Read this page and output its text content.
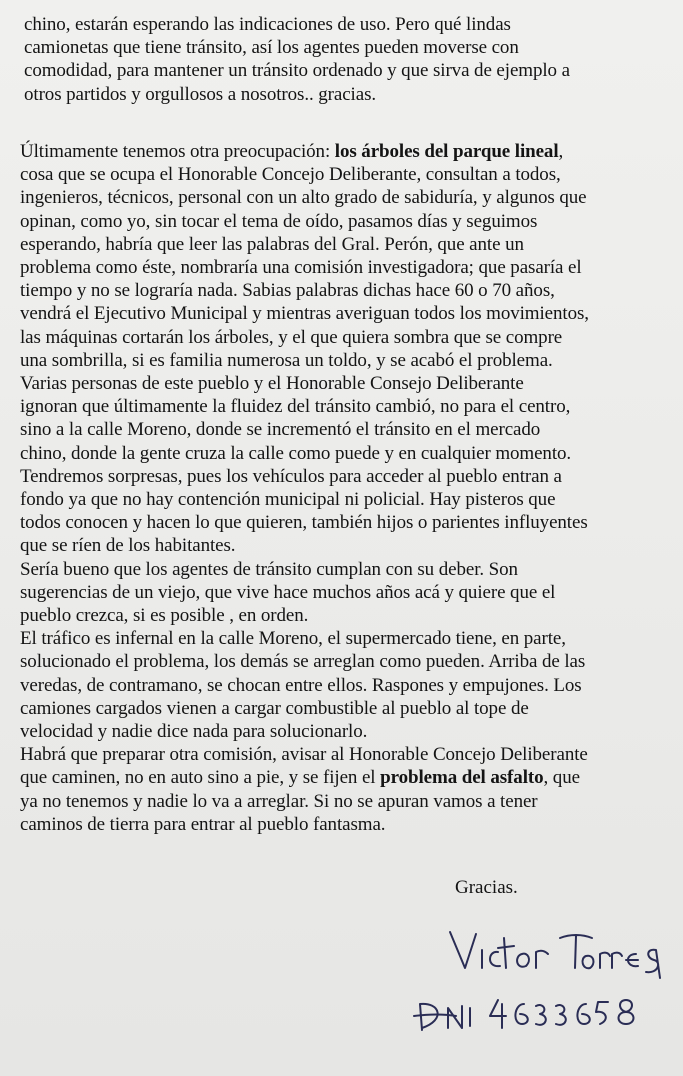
chino, estarán esperando las indicaciones de uso. Pero qué lindas
camionetas que tiene tránsito, así los agentes pueden moverse con
comodidad, para mantener un tránsito ordenado y que sirva de ejemplo a
otros partidos y orgullosos a nosotros.. gracias.
Últimamente tenemos otra preocupación: los árboles del parque lineal,
cosa que se ocupa el Honorable Concejo Deliberante, consultan a todos,
ingenieros, técnicos, personal con un alto grado de sabiduría, y algunos que
opinan, como yo, sin tocar el tema de oído, pasamos días y seguimos
esperando, habría que leer las palabras del Gral. Perón, que ante un
problema como éste, nombraría una comisión investigadora; que pasaría el
tiempo y no se lograría nada. Sabias palabras dichas hace 60 o 70 años,
vendrá el Ejecutivo Municipal y mientras averiguan todos los movimientos,
las máquinas cortarán los árboles, y el que quiera sombra que se compre
una sombrilla, si es familia numerosa un toldo, y se acabó el problema.
Varias personas de este pueblo y el Honorable Consejo Deliberante
ignoran que últimamente la fluidez del tránsito cambió, no para el centro,
sino a la calle Moreno, donde se incrementó el tránsito en el mercado
chino, donde la gente cruza la calle como puede y en cualquier momento.
Tendremos sorpresas, pues los vehículos para acceder al pueblo entran a
fondo ya que no hay contención municipal ni policial. Hay pisteros que
todos conocen y hacen lo que quieren, también hijos o parientes influyentes
que se ríen de los habitantes.
Sería bueno que los agentes de tránsito cumplan con su deber. Son
sugerencias de un viejo, que vive hace muchos años acá y quiere que el
pueblo crezca, si es posible , en orden.
El tráfico es infernal en la calle Moreno, el supermercado tiene, en parte,
solucionado el problema, los demás se arreglan como pueden. Arriba de las
veredas, de contramano, se chocan entre ellos. Raspones y empujones. Los
camiones cargados vienen a cargar combustible al pueblo al tope de
velocidad y nadie dice nada para solucionarlo.
Habrá que preparar otra comisión, avisar al Honorable Concejo Deliberante
que caminen, no en auto sino a pie, y se fijen el problema del asfalto, que
ya no tenemos y nadie lo va a arreglar. Si no se apuran vamos a tener
caminos de tierra para entrar al pueblo fantasma.
Gracias.
